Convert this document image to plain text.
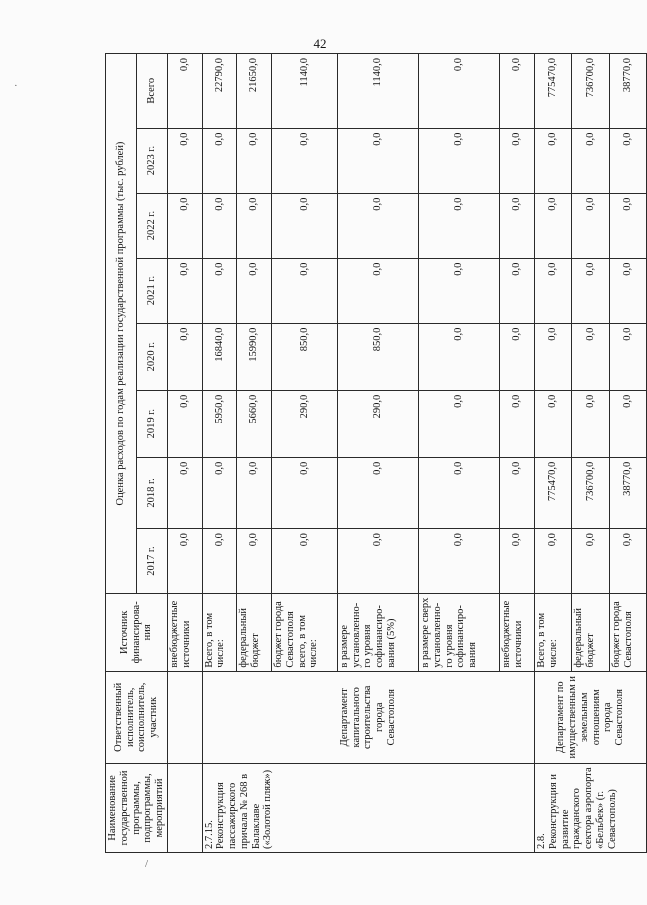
42
·
/
Наименование государственной программы, подпрограммы, мероприятий	Ответственный исполнитель, соисполнитель, участник	Источник финансирова-ния	Оценка расходов по годам реализации государственной программы (тыс. рублей)							
			2017 г.	2018 г.	2019 г.	2020 г.	2021 г.	2022 г.	2023 г.	Всего
		внебюджетные источники	0,0	0,0	0,0	0,0	0,0	0,0	0,0	0,0
2.7.15. Реконструкция пассажирского причала № 268 в Балаклаве («Золотой пляж»)	Департамент капитального строительства города Севастополя	Всего, в том числе:	0,0	0,0	5950,0	16840,0	0,0	0,0	0,0	22790,0
		федеральный бюджет	0,0	0,0	5660,0	15990,0	0,0	0,0	0,0	21650,0
		бюджет города Севастополя всего, в том числе:	0,0	0,0	290,0	850,0	0,0	0,0	0,0	1140,0
		в размере установленно-го уровня софинансиро-вания (5%)	0,0	0,0	290,0	850,0	0,0	0,0	0,0	1140,0
		в размере сверх установленно-го уровня софинансиро-вания	0,0	0,0	0,0	0,0	0,0	0,0	0,0	0,0
		внебюджетные источники	0,0	0,0	0,0	0,0	0,0	0,0	0,0	0,0
2.8. Реконструкция и развитие гражданского сектора аэропорта «Бельбек» (г. Севастополь)	Департамент по имущественным и земельным отношениям города Севастополя	Всего, в том числе:	0,0	775470,0	0,0	0,0	0,0	0,0	0,0	775470,0
		федеральный бюджет	0,0	736700,0	0,0	0,0	0,0	0,0	0,0	736700,0
		бюджет города Севастополя	0,0	38770,0	0,0	0,0	0,0	0,0	0,0	38770,0
